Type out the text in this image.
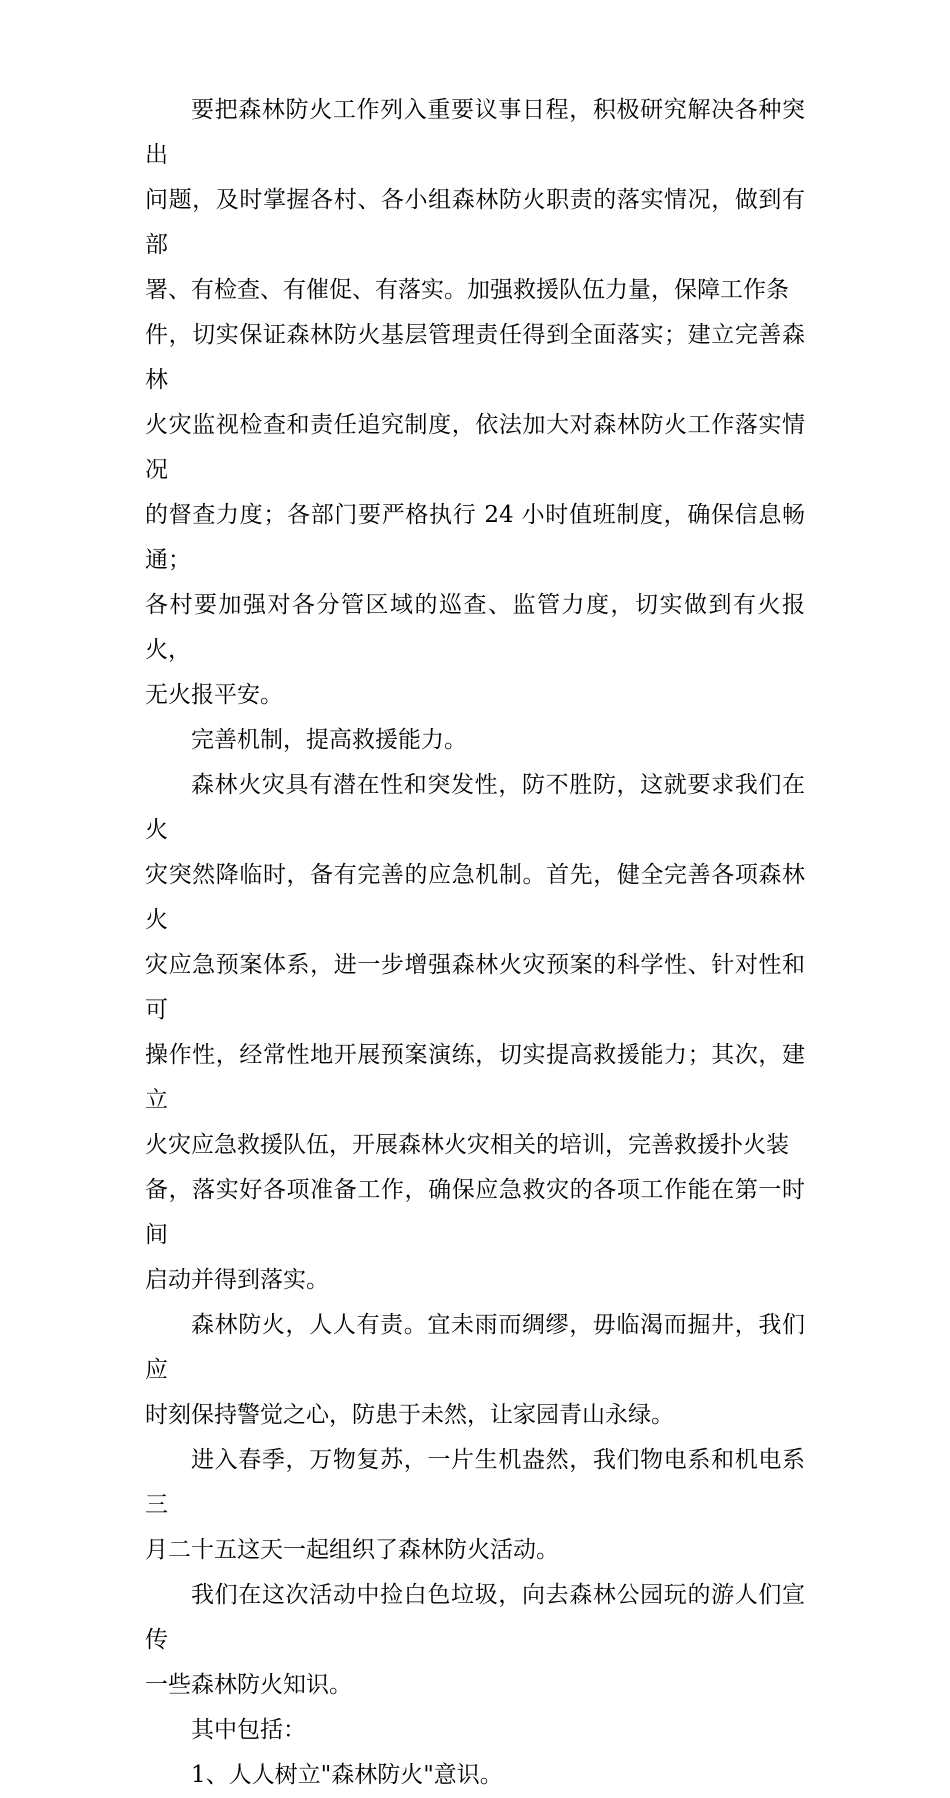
要把森林防火工作列入重要议事日程，积极研究解决各种突出
问题，及时掌握各村、各小组森林防火职责的落实情况，做到有部
署、有检查、有催促、有落实。加强救援队伍力量，保障工作条
件，切实保证森林防火基层管理责任得到全面落实；建立完善森林
火灾监视检查和责任追究制度，依法加大对森林防火工作落实情况
的督查力度；各部门要严格执行 24 小时值班制度，确保信息畅通；
各村要加强对各分管区域的巡查、监管力度，切实做到有火报火，
无火报平安。

完善机制，提高救援能力。

森林火灾具有潜在性和突发性，防不胜防，这就要求我们在火
灾突然降临时，备有完善的应急机制。首先，健全完善各项森林火
灾应急预案体系，进一步增强森林火灾预案的科学性、针对性和可
操作性，经常性地开展预案演练，切实提高救援能力；其次，建立
火灾应急救援队伍，开展森林火灾相关的培训，完善救援扑火装
备，落实好各项准备工作，确保应急救灾的各项工作能在第一时间
启动并得到落实。

森林防火，人人有责。宜未雨而绸缪，毋临渴而掘井，我们应
时刻保持警觉之心，防患于未然，让家园青山永绿。

进入春季，万物复苏，一片生机盎然，我们物电系和机电系三
月二十五这天一起组织了森林防火活动。

我们在这次活动中捡白色垃圾，向去森林公园玩的游人们宣传
一些森林防火知识。

其中包括：

1、人人树立"森林防火"意识。
